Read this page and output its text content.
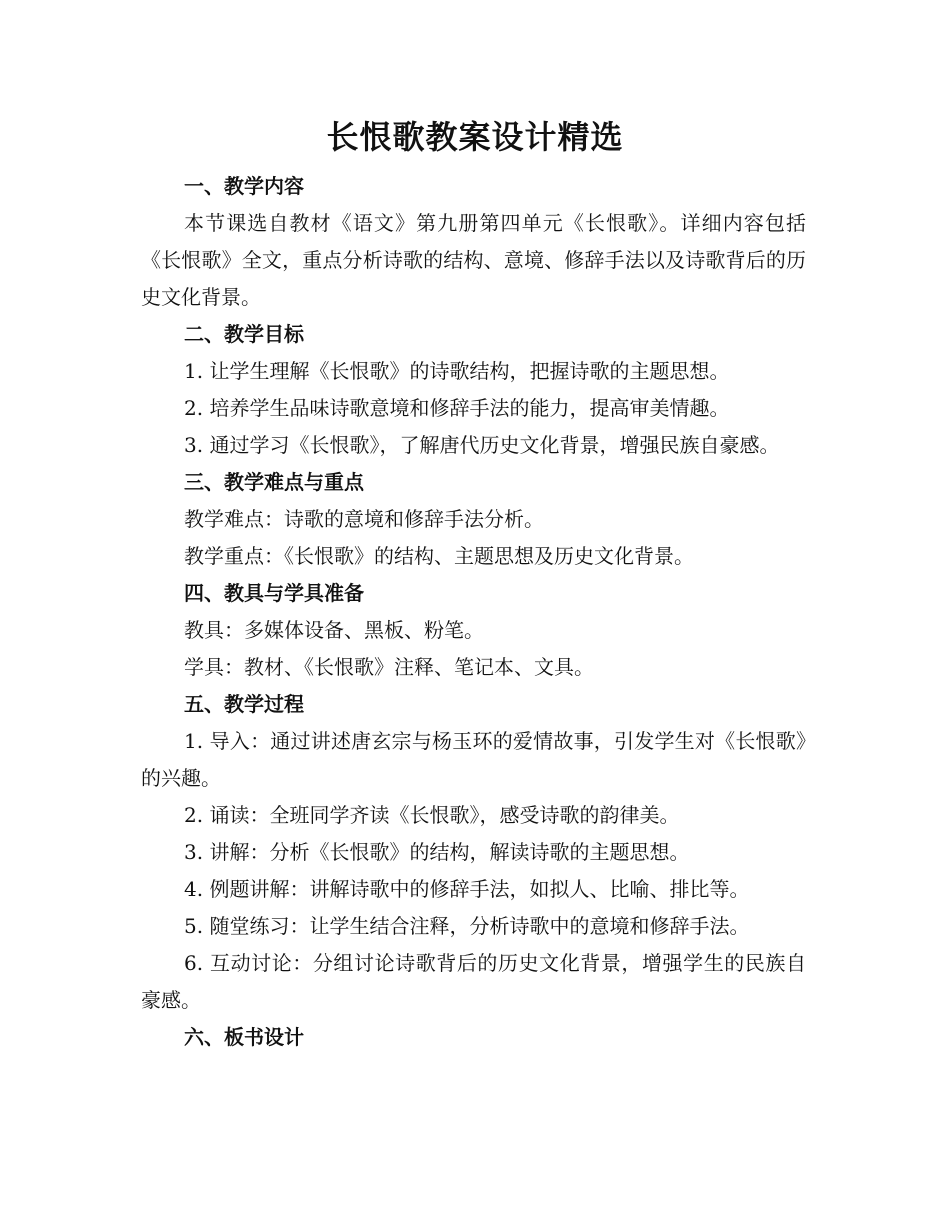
长恨歌教案设计精选

一、教学内容

本节课选自教材《语文》第九册第四单元《长恨歌》。详细内容包括《长恨歌》全文，重点分析诗歌的结构、意境、修辞手法以及诗歌背后的历史文化背景。

二、教学目标

1. 让学生理解《长恨歌》的诗歌结构，把握诗歌的主题思想。

2. 培养学生品味诗歌意境和修辞手法的能力，提高审美情趣。

3. 通过学习《长恨歌》，了解唐代历史文化背景，增强民族自豪感。

三、教学难点与重点

教学难点：诗歌的意境和修辞手法分析。

教学重点：《长恨歌》的结构、主题思想及历史文化背景。

四、教具与学具准备

教具：多媒体设备、黑板、粉笔。

学具：教材、《长恨歌》注释、笔记本、文具。

五、教学过程

1. 导入：通过讲述唐玄宗与杨玉环的爱情故事，引发学生对《长恨歌》的兴趣。

2. 诵读：全班同学齐读《长恨歌》，感受诗歌的韵律美。

3. 讲解：分析《长恨歌》的结构，解读诗歌的主题思想。

4. 例题讲解：讲解诗歌中的修辞手法，如拟人、比喻、排比等。

5. 随堂练习：让学生结合注释，分析诗歌中的意境和修辞手法。

6. 互动讨论：分组讨论诗歌背后的历史文化背景，增强学生的民族自豪感。

六、板书设计
